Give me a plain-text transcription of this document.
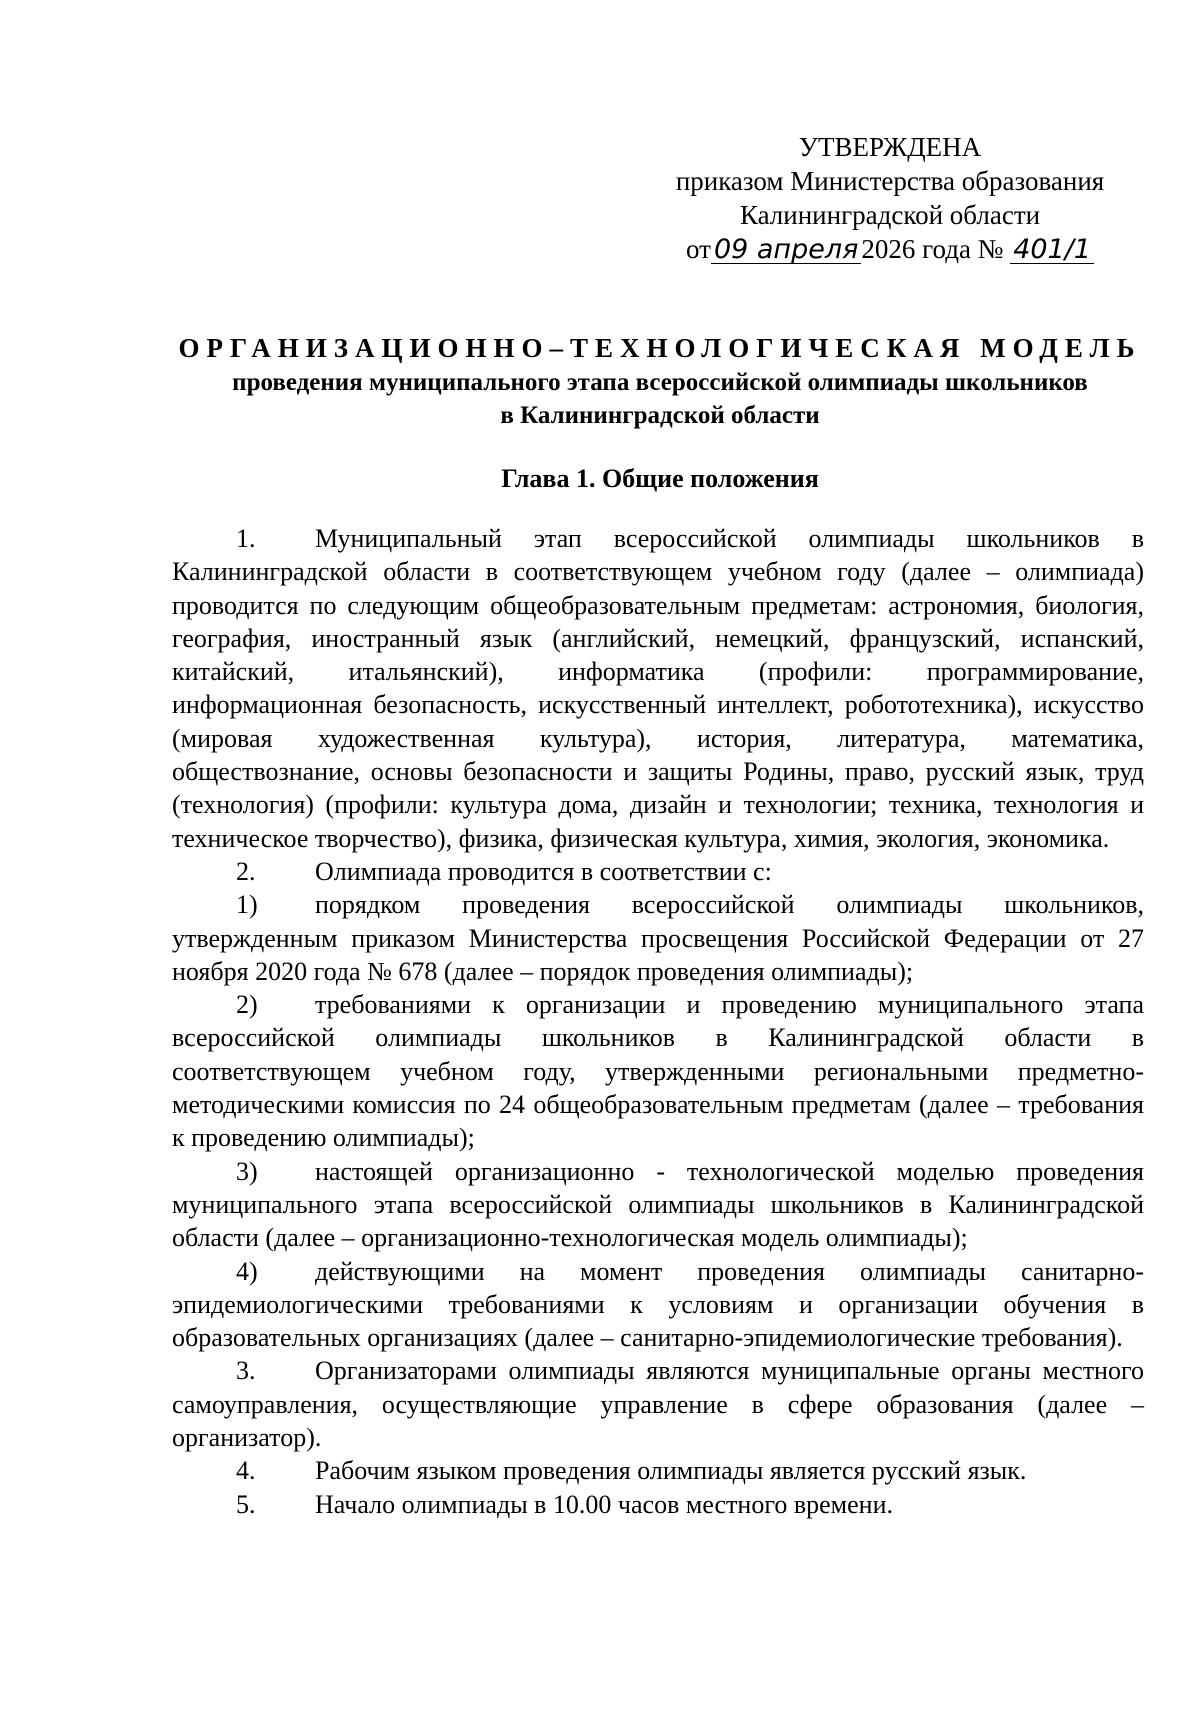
УТВЕРЖДЕНА
приказом Министерства образования
Калининградской области
от 09 апреля 2026 года № 401/1
ОРГАНИЗАЦИОННО–ТЕХНОЛОГИЧЕСКАЯ МОДЕЛЬ
проведения муниципального этапа всероссийской олимпиады школьников
в Калининградской области
Глава 1. Общие положения

1. Муниципальный этап всероссийской олимпиады школьников в Калининградской области в соответствующем учебном году (далее – олимпиада) проводится по следующим общеобразовательным предметам: астрономия, биология, география, иностранный язык (английский, немецкий, французский, испанский, китайский, итальянский), информатика (профили: программирование, информационная безопасность, искусственный интеллект, робототехника), искусство (мировая художественная культура), история, литература, математика, обществознание, основы безопасности и защиты Родины, право, русский язык, труд (технология) (профили: культура дома, дизайн и технологии; техника, технология и техническое творчество), физика, физическая культура, химия, экология, экономика.

2. Олимпиада проводится в соответствии с:

1) порядком проведения всероссийской олимпиады школьников, утвержденным приказом Министерства просвещения Российской Федерации от 27 ноября 2020 года № 678 (далее – порядок проведения олимпиады);

2) требованиями к организации и проведению муниципального этапа всероссийской олимпиады школьников в Калининградской области в соответствующем учебном году, утвержденными региональными предметно-методическими комиссия по 24 общеобразовательным предметам (далее – требования к проведению олимпиады);

3) настоящей организационно - технологической моделью проведения муниципального этапа всероссийской олимпиады школьников в Калининградской области (далее – организационно-технологическая модель олимпиады);

4) действующими на момент проведения олимпиады санитарно-эпидемиологическими требованиями к условиям и организации обучения в образовательных организациях (далее – санитарно-эпидемиологические требования).

3. Организаторами олимпиады являются муниципальные органы местного самоуправления, осуществляющие управление в сфере образования (далее – организатор).

4. Рабочим языком проведения олимпиады является русский язык.

5. Начало олимпиады в 10.00 часов местного времени.
